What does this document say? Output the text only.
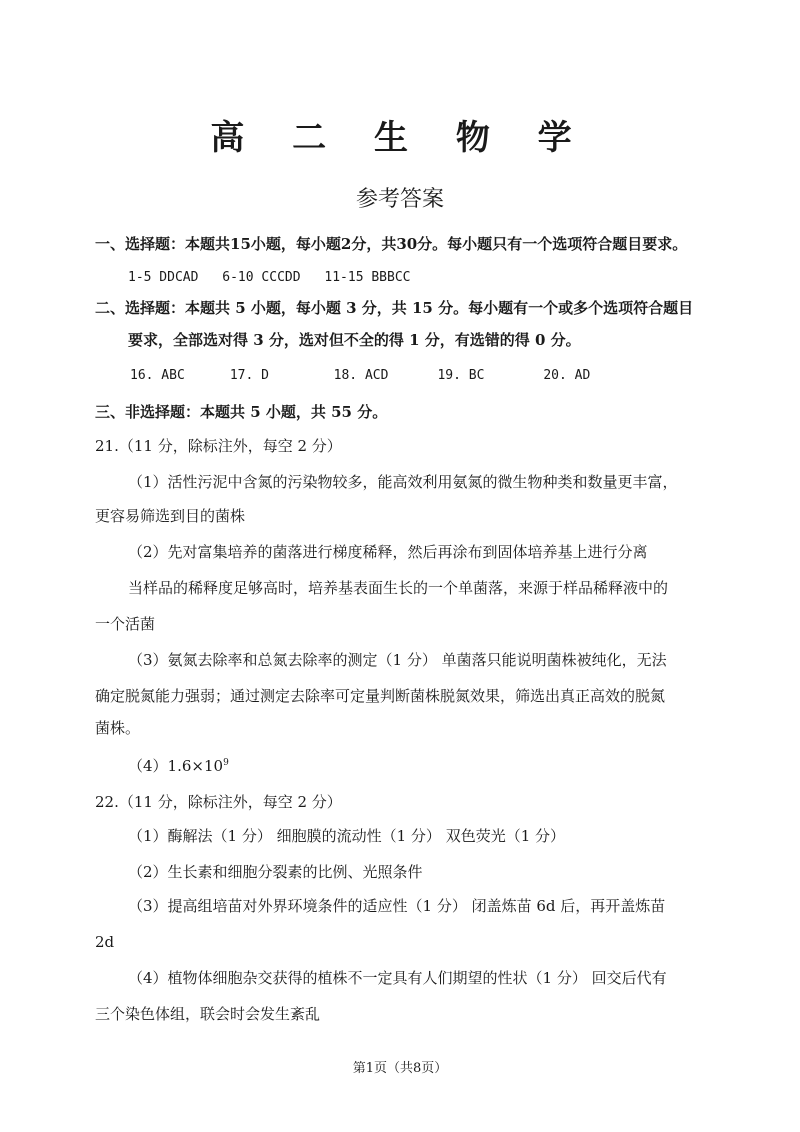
高 二 生 物 学
参考答案
一、选择题：本题共15小题，每小题2分，共30分。每小题只有一个选项符合题目要求。
1-5 DDCAD 6-10 CCCDD 11-15 BBBCC
二、选择题：本题共 5 小题，每小题 3 分，共 15 分。每小题有一个或多个选项符合题目
要求，全部选对得 3 分，选对但不全的得 1 分，有选错的得 0 分。
16. ABC	17. D	18. ACD	19. BC	20. AD
三、非选择题：本题共 5 小题，共 55 分。
21.（11 分，除标注外，每空 2 分）
（1）活性污泥中含氮的污染物较多，能高效利用氨氮的微生物种类和数量更丰富，
更容易筛选到目的菌株
（2）先对富集培养的菌落进行梯度稀释，然后再涂布到固体培养基上进行分离
当样品的稀释度足够高时，培养基表面生长的一个单菌落，来源于样品稀释液中的
一个活菌
（3）氨氮去除率和总氮去除率的测定（1 分） 单菌落只能说明菌株被纯化，无法
确定脱氮能力强弱；通过测定去除率可定量判断菌株脱氮效果，筛选出真正高效的脱氮
菌株。
$(4)1.6\times 10^9$
22.（11 分，除标注外，每空 2 分）
（1）酶解法（1 分） 细胞膜的流动性（1 分） 双色荧光（1 分）
（2）生长素和细胞分裂素的比例、光照条件
（3）提高组培苗对外界环境条件的适应性（1 分） 闭盖炼苗 6d 后，再开盖炼苗
2d
（4）植物体细胞杂交获得的植株不一定具有人们期望的性状（1 分） 回交后代有
三个染色体组，联会时会发生紊乱
第1页（共8页）
